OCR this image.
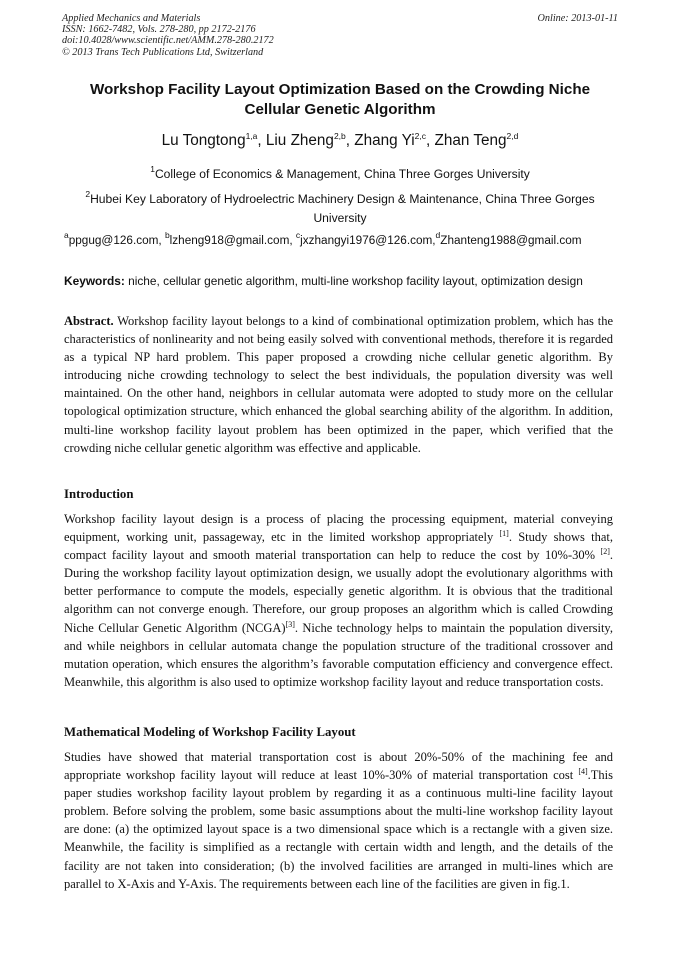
Applied Mechanics and Materials
ISSN: 1662-7482, Vols. 278-280, pp 2172-2176
doi:10.4028/www.scientific.net/AMM.278-280.2172
© 2013 Trans Tech Publications Ltd, Switzerland
Online: 2013-01-11
Workshop Facility Layout Optimization Based on the Crowding Niche
Cellular Genetic Algorithm
Lu Tongtong$^{1,a}$, Liu Zheng$^{2,b}$, Zhang Yi$^{2,c}$, Zhan Teng$^{2,d}$
$^1$College of Economics & Management, China Three Gorges University
$^2$Hubei Key Laboratory of Hydroelectric Machinery Design & Maintenance, China Three Gorges
University
$^a$ppgug@126.com, $^b$lzheng918@gmail.com, $^c$jxzhangyi1976@126.com,$^d$Zhanteng1988@gmail.com
Keywords: niche, cellular genetic algorithm, multi-line workshop facility layout, optimization design

Abstract. Workshop facility layout belongs to a kind of combinational optimization problem, which has the characteristics of nonlinearity and not being easily solved with conventional methods, therefore it is regarded as a typical NP hard problem. This paper proposed a crowding niche cellular genetic algorithm. By introducing niche crowding technology to select the best individuals, the population diversity was well maintained. On the other hand, neighbors in cellular automata were adopted to study more on the cellular topological optimization structure, which enhanced the global searching ability of the algorithm. In addition, multi-line workshop facility layout problem has been optimized in the paper, which verified that the crowding niche cellular genetic algorithm was effective and applicable.

Introduction

Workshop facility layout design is a process of placing the processing equipment, material conveying equipment, working unit, passageway, etc in the limited workshop appropriately [1]. Study shows that, compact facility layout and smooth material transportation can help to reduce the cost by 10%-30% [2]. During the workshop facility layout optimization design, we usually adopt the evolutionary algorithms with better performance to compute the models, especially genetic algorithm. It is obvious that the traditional algorithm can not converge enough. Therefore, our group proposes an algorithm which is called Crowding Niche Cellular Genetic Algorithm (NCGA)[3]. Niche technology helps to maintain the population diversity, and while neighbors in cellular automata change the population structure of the traditional crossover and mutation operation, which ensures the algorithm’s favorable computation efficiency and convergence effect. Meanwhile, this algorithm is also used to optimize workshop facility layout and reduce transportation costs.

Mathematical Modeling of Workshop Facility Layout

Studies have showed that material transportation cost is about 20%-50% of the machining fee and appropriate workshop facility layout will reduce at least 10%-30% of material transportation cost [4].This paper studies workshop facility layout problem by regarding it as a continuous multi-line facility layout problem. Before solving the problem, some basic assumptions about the multi-line workshop facility layout are done: (a) the optimized layout space is a two dimensional space which is a rectangle with a given size. Meanwhile, the facility is simplified as a rectangle with certain width and length, and the details of the facility are not taken into consideration; (b) the involved facilities are arranged in multi-lines which are parallel to X-Axis and Y-Axis. The requirements between each line of the facilities are given in fig.1.
